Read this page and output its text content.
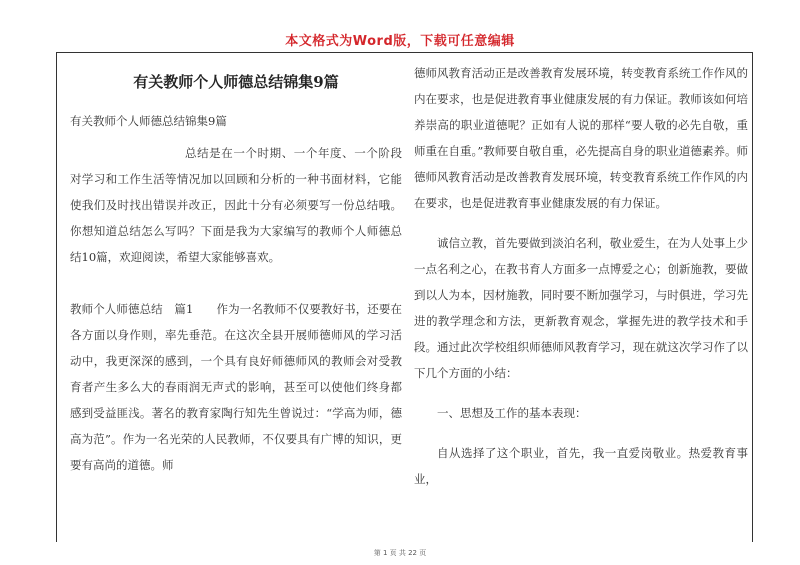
本文格式为Word版，下载可任意编辑
有关教师个人师德总结锦集9篇

有关教师个人师德总结锦集9篇

总结是在一个时期、一个年度、一个阶段对学习和工作生活等情况加以回顾和分析的一种书面材料，它能使我们及时找出错误并改正，因此十分有必须要写一份总结哦。你想知道总结怎么写吗？下面是我为大家编写的教师个人师德总结10篇，欢迎阅读，希望大家能够喜欢。

教师个人师德总结　篇1　　作为一名教师不仅要教好书，还要在各方面以身作则，率先垂范。在这次全县开展师德师风的学习活动中，我更深深的感到，一个具有良好师德师风的教师会对受教育者产生多么大的春雨润无声式的影响，甚至可以使他们终身都感到受益匪浅。著名的教育家陶行知先生曾说过：“学高为师，德高为范”。作为一名光荣的人民教师，不仅要具有广博的知识，更要有高尚的道德。师

德师风教育活动正是改善教育发展环境，转变教育系统工作作风的内在要求，也是促进教育事业健康发展的有力保证。教师该如何培养崇高的职业道德呢？正如有人说的那样“要人敬的必先自敬，重师重在自重。”教师要自敬自重，必先提高自身的职业道德素养。师德师风教育活动是改善教育发展环境，转变教育系统工作作风的内在要求，也是促进教育事业健康发展的有力保证。

诚信立教，首先要做到淡泊名利，敬业爱生，在为人处事上少一点名利之心，在教书育人方面多一点博爱之心；创新施教，要做到以人为本，因材施教，同时要不断加强学习，与时俱进，学习先进的教学理念和方法，更新教育观念，掌握先进的教学技术和手段。通过此次学校组织师德师风教育学习，现在就这次学习作了以下几个方面的小结：

一、思想及工作的基本表现：

自从选择了这个职业，首先，我一直爱岗敬业。热爱教育事业，

第 1 页 共 22 页
